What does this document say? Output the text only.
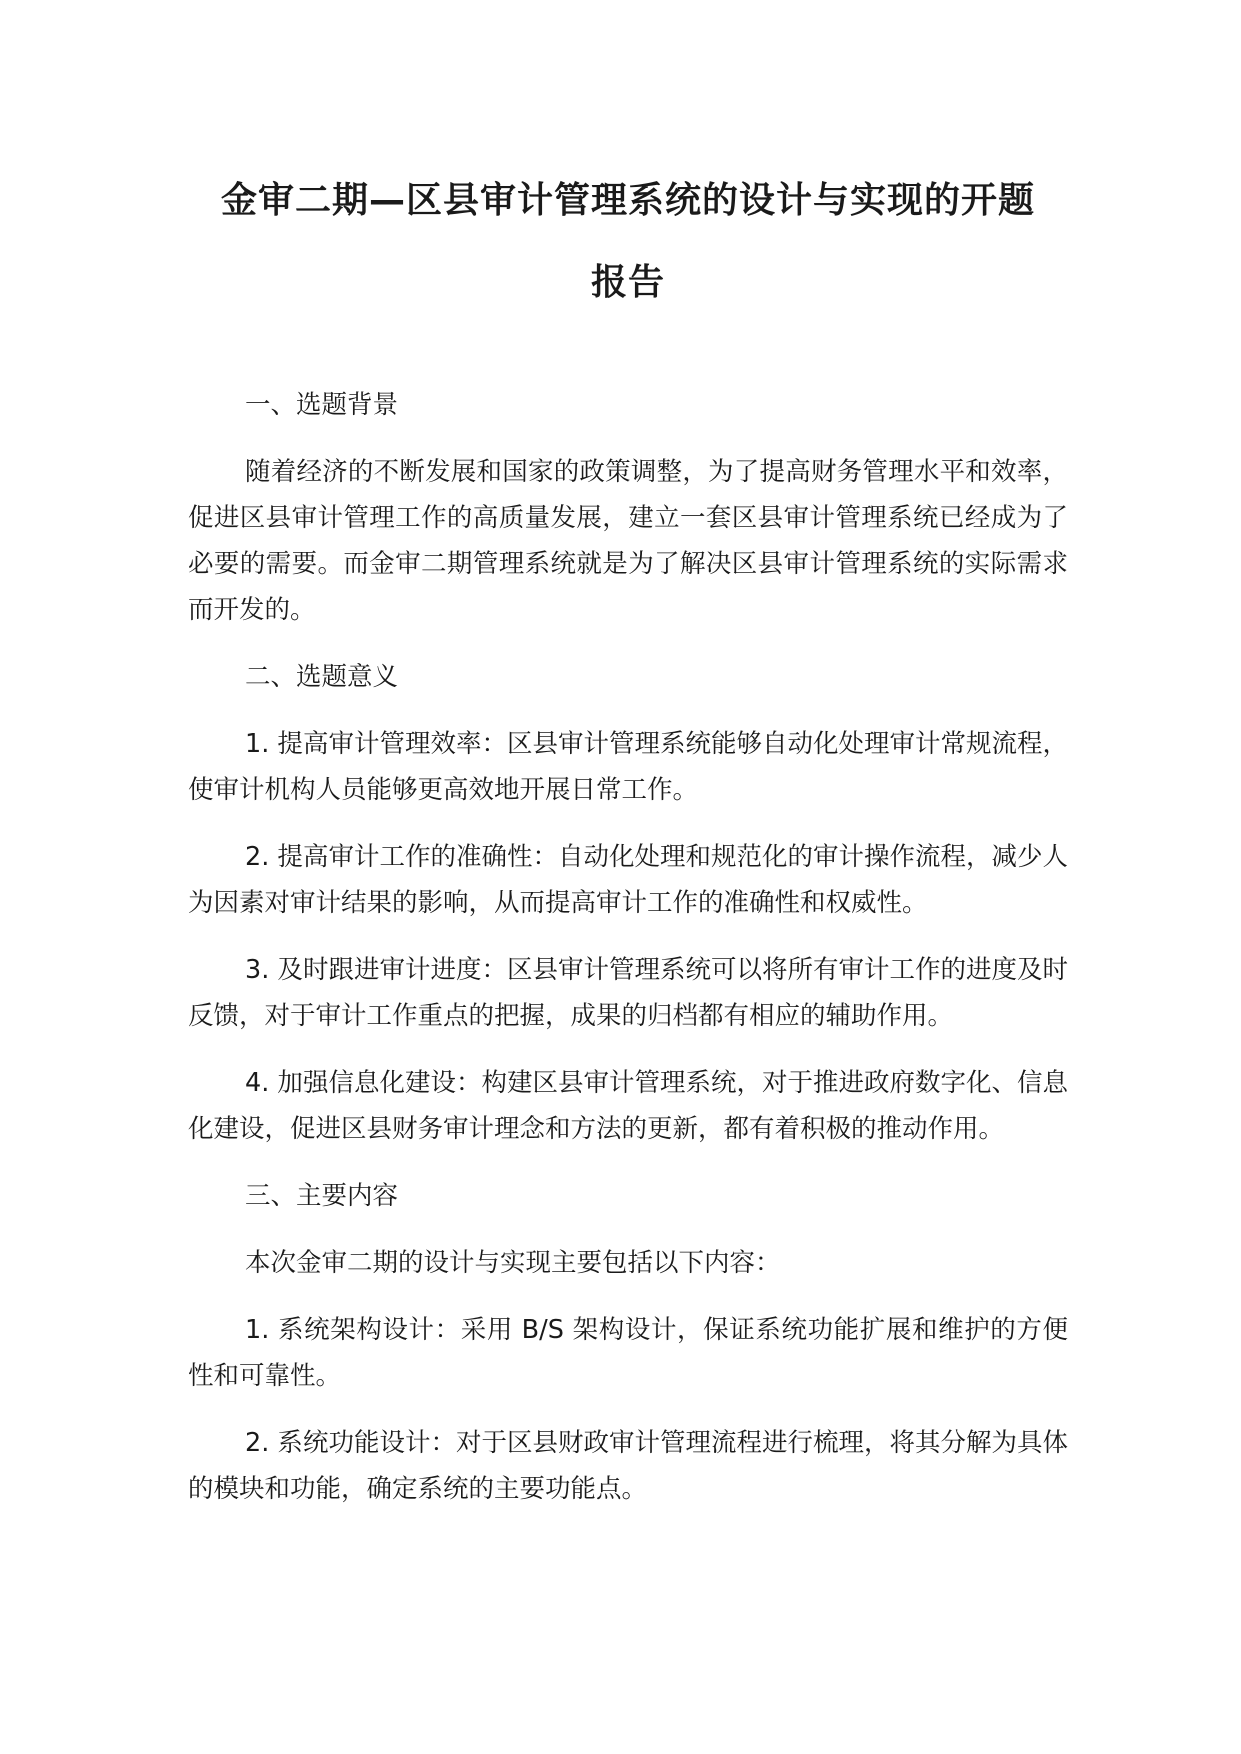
金审二期—区县审计管理系统的设计与实现的开题
报告

一、选题背景

随着经济的不断发展和国家的政策调整，为了提高财务管理水平和效率，促进区县审计管理工作的高质量发展，建立一套区县审计管理系统已经成为了必要的需要。而金审二期管理系统就是为了解决区县审计管理系统的实际需求而开发的。

二、选题意义

1. 提高审计管理效率：区县审计管理系统能够自动化处理审计常规流程，使审计机构人员能够更高效地开展日常工作。

2. 提高审计工作的准确性：自动化处理和规范化的审计操作流程，减少人为因素对审计结果的影响，从而提高审计工作的准确性和权威性。

3. 及时跟进审计进度：区县审计管理系统可以将所有审计工作的进度及时反馈，对于审计工作重点的把握，成果的归档都有相应的辅助作用。

4. 加强信息化建设：构建区县审计管理系统，对于推进政府数字化、信息化建设，促进区县财务审计理念和方法的更新，都有着积极的推动作用。

三、主要内容

本次金审二期的设计与实现主要包括以下内容：

1. 系统架构设计：采用 B/S 架构设计，保证系统功能扩展和维护的方便性和可靠性。

2. 系统功能设计：对于区县财政审计管理流程进行梳理，将其分解为具体的模块和功能，确定系统的主要功能点。
